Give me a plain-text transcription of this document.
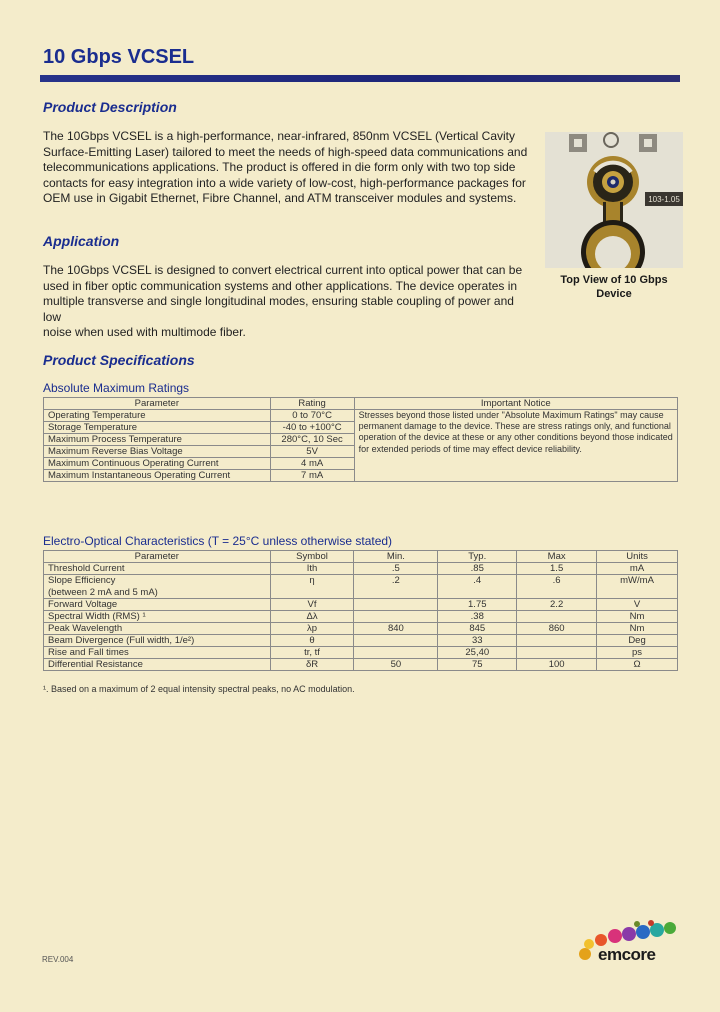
10 Gbps VCSEL
Product Description
The 10Gbps VCSEL is a high-performance, near-infrared, 850nm VCSEL (Vertical Cavity
Surface-Emitting Laser) tailored to meet the needs of high-speed data communications and
telecommunications applications. The product is offered in die form only with two top side
contacts for easy integration into a wide variety of low-cost, high-performance packages for
OEM use in Gigabit Ethernet, Fibre Channel, and ATM transceiver modules and systems.
Application
The 10Gbps VCSEL is designed to convert electrical current into optical power that can be
used in fiber optic communication systems and other applications. The device operates in
multiple transverse and single longitudinal modes, ensuring stable coupling of power and low
noise when used with multimode fiber.
103-1.05
Top View of 10 Gbps
Device
Product Specifications
Absolute Maximum Ratings
Parameter	Rating	Important Notice
Operating Temperature	0 to 70°C	Stresses beyond those listed under "Absolute Maximum Ratings" may cause permanent damage to the device. These are stress ratings only, and functional operation of the device at these or any other conditions beyond those indicated for extended periods of time may effect device reliability.
Storage Temperature	-40 to +100°C	
Maximum Process Temperature	280°C, 10 Sec	
Maximum Reverse Bias Voltage	5V	
Maximum Continuous Operating Current	4 mA	
Maximum Instantaneous Operating Current	7 mA	
Electro-Optical Characteristics (T = 25°C unless otherwise stated)
Parameter	Symbol	Min.	Typ.	Max	Units
Threshold Current	Ith	.5	.85	1.5	mA

Slope Efficiency
(between 2 mA and 5 mA)	η	.2	.4	.6	mW/mA
Forward Voltage	Vf		1.75	2.2	V
Spectral Width (RMS) ¹	Δλ		.38		Nm
Peak Wavelength	λp	840	845	860	Nm
Beam Divergence (Full width, 1/e²)	θ		33		Deg
Rise and Fall times	tr, tf		25,40		ps
Differential Resistance	δR	50	75	100	Ω
¹. Based on a maximum of 2 equal intensity spectral peaks, no AC modulation.
REV.004	emcore
